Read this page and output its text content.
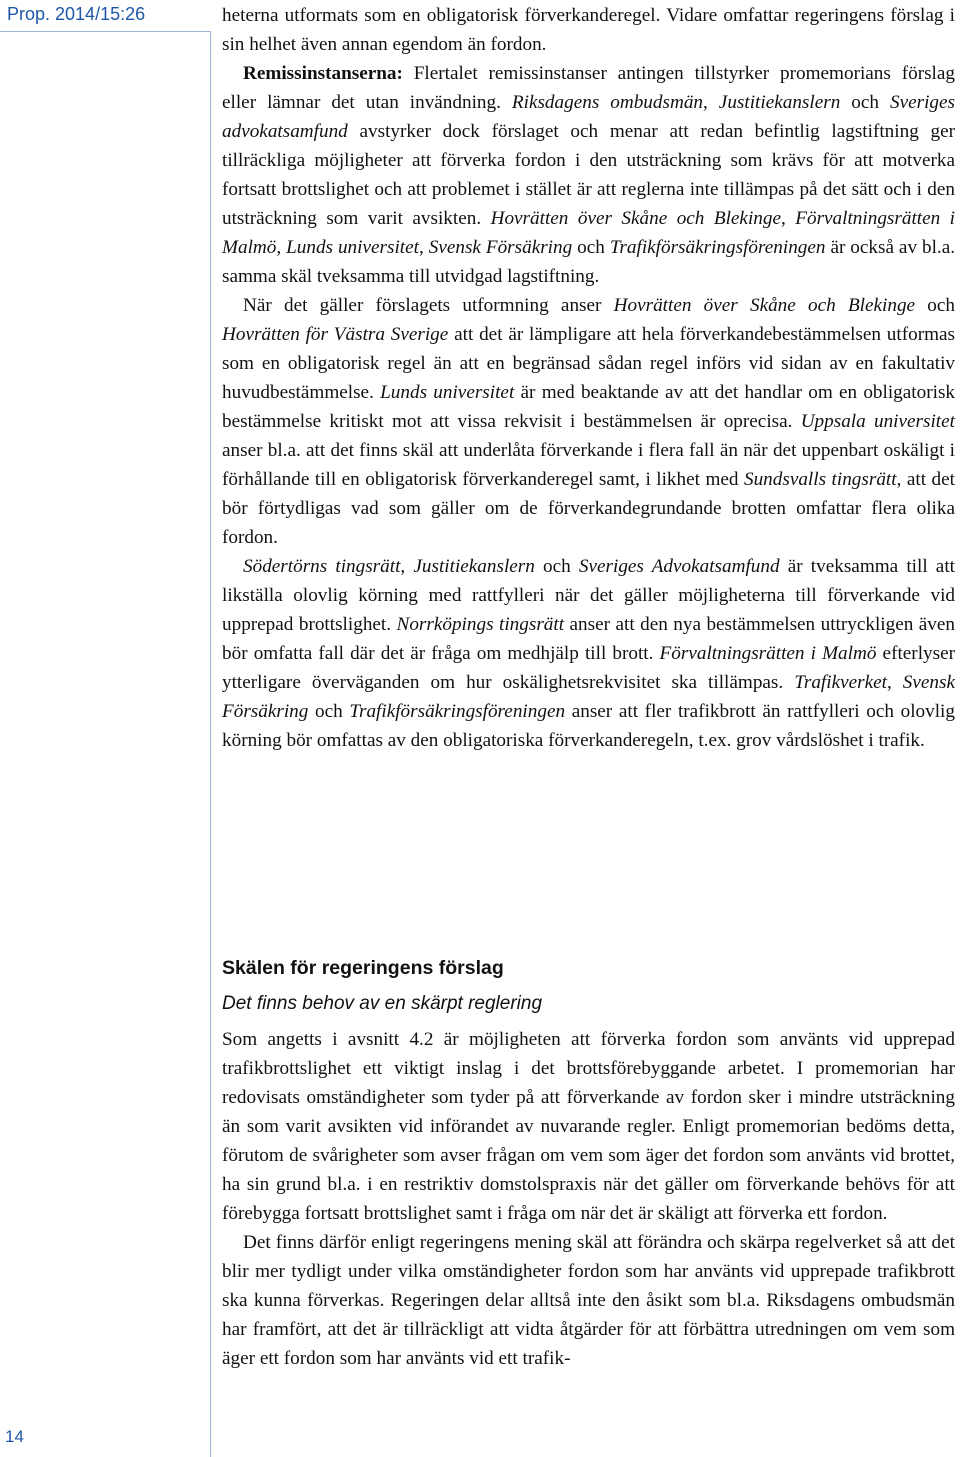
Prop. 2014/15:26	heterna utformats som en obligatorisk förverkanderegel. Vidare omfattar regeringens förslag i sin helhet även annan egendom än fordon.

Remissinstanserna: Flertalet remissinstanser antingen tillstyrker promemorians förslag eller lämnar det utan invändning. Riksdagens ombudsmän, Justitiekanslern och Sveriges advokatsamfund avstyrker dock förslaget och menar att redan befintlig lagstiftning ger tillräckliga möjligheter att förverka fordon i den utsträckning som krävs för att motverka fortsatt brottslighet och att problemet i stället är att reglerna inte tillämpas på det sätt och i den utsträckning som varit avsikten. Hovrätten över Skåne och Blekinge, Förvaltningsrätten i Malmö, Lunds universitet, Svensk Försäkring och Trafikförsäkringsföreningen är också av bl.a. samma skäl tveksamma till utvidgad lagstiftning.

När det gäller förslagets utformning anser Hovrätten över Skåne och Blekinge och Hovrätten för Västra Sverige att det är lämpligare att hela förverkandebestämmelsen utformas som en obligatorisk regel än att en begränsad sådan regel införs vid sidan av en fakultativ huvudbestämmelse. Lunds universitet är med beaktande av att det handlar om en obligatorisk bestämmelse kritiskt mot att vissa rekvisit i bestämmelsen är oprecisa. Uppsala universitet anser bl.a. att det finns skäl att underlåta förverkande i flera fall än när det uppenbart oskäligt i förhållande till en obligatorisk förverkanderegel samt, i likhet med Sundsvalls tingsrätt, att det bör förtydligas vad som gäller om de förverkandegrundande brotten omfattar flera olika fordon.

Södertörns tingsrätt, Justitiekanslern och Sveriges Advokatsamfund är tveksamma till att likställa olovlig körning med rattfylleri när det gäller möjligheterna till förverkande vid upprepad brottslighet. Norrköpings tingsrätt anser att den nya bestämmelsen uttryckligen även bör omfatta fall där det är fråga om medhjälp till brott. Förvaltningsrätten i Malmö efterlyser ytterligare överväganden om hur oskälighetsrekvisitet ska tillämpas. Trafikverket, Svensk Försäkring och Trafikförsäkringsföreningen anser att fler trafikbrott än rattfylleri och olovlig körning bör omfattas av den obligatoriska förverkanderegeln, t.ex. grov vårdslöshet i trafik.

Skälen för regeringens förslag
Det finns behov av en skärpt reglering

Som angetts i avsnitt 4.2 är möjligheten att förverka fordon som använts vid upprepad trafikbrottslighet ett viktigt inslag i det brottsförebyggande arbetet. I promemorian har redovisats omständigheter som tyder på att förverkande av fordon sker i mindre utsträckning än som varit avsikten vid införandet av nuvarande regler. Enligt promemorian bedöms detta, förutom de svårigheter som avser frågan om vem som äger det fordon som använts vid brottet, ha sin grund bl.a. i en restriktiv domstolspraxis när det gäller om förverkande behövs för att förebygga fortsatt brottslighet samt i fråga om när det är skäligt att förverka ett fordon.

Det finns därför enligt regeringens mening skäl att förändra och skärpa regelverket så att det blir mer tydligt under vilka omständigheter fordon som har använts vid upprepade trafikbrott ska kunna förverkas. Regeringen delar alltså inte den åsikt som bl.a. Riksdagens ombudsmän har framfört, att det är tillräckligt att vidta åtgärder för att förbättra utredningen om vem som äger ett fordon som har använts vid ett trafik-

14
